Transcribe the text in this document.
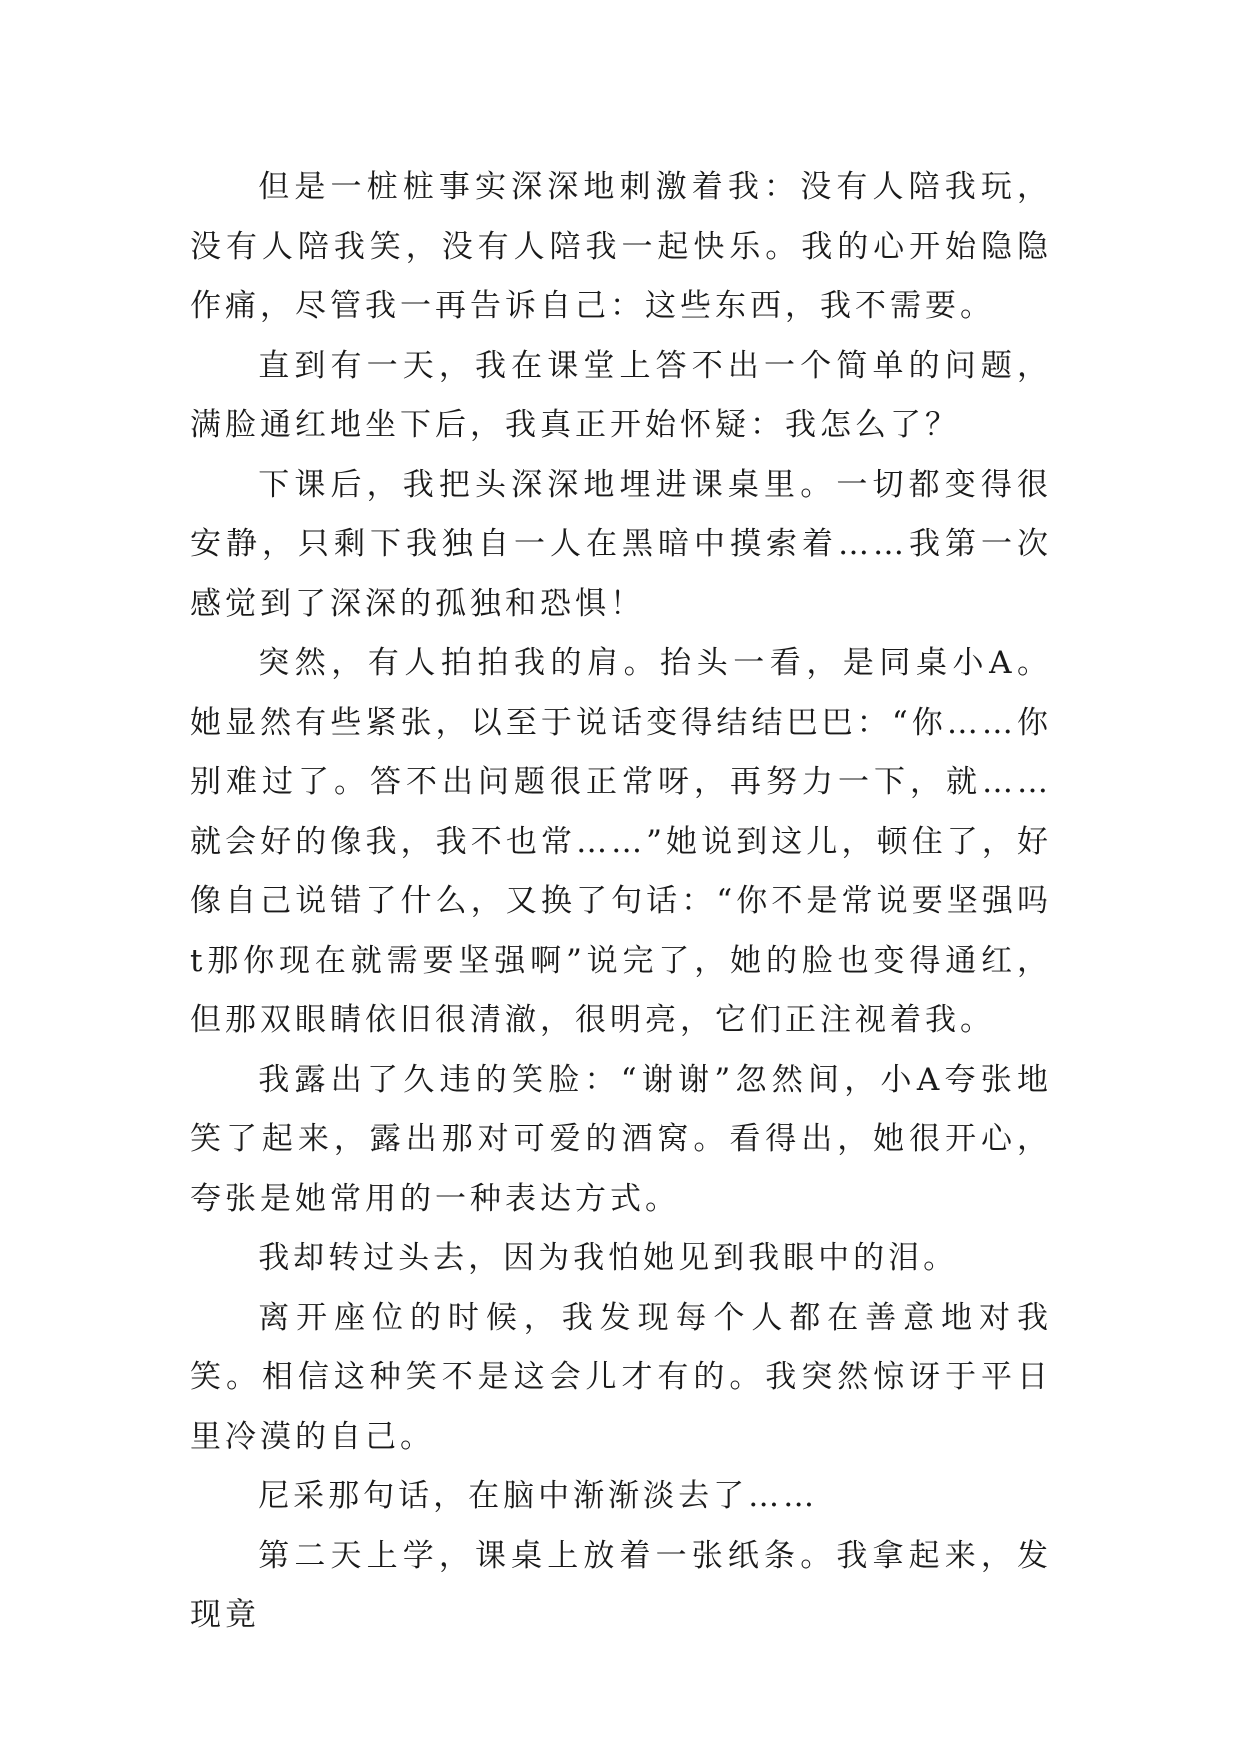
但是一桩桩事实深深地刺激着我：没有人陪我玩，没有人陪我笑，没有人陪我一起快乐。我的心开始隐隐作痛，尽管我一再告诉自己：这些东西，我不需要。

直到有一天，我在课堂上答不出一个简单的问题，满脸通红地坐下后，我真正开始怀疑：我怎么了？

下课后，我把头深深地埋进课桌里。一切都变得很安静，只剩下我独自一人在黑暗中摸索着……我第一次感觉到了深深的孤独和恐惧！

突然，有人拍拍我的肩。抬头一看，是同桌小A。她显然有些紧张，以至于说话变得结结巴巴：“你……你别难过了。答不出问题很正常呀，再努力一下，就……就会好的像我，我不也常……”她说到这儿，顿住了，好像自己说错了什么，又换了句话：“你不是常说要坚强吗t那你现在就需要坚强啊”说完了，她的脸也变得通红，但那双眼睛依旧很清澈，很明亮，它们正注视着我。

我露出了久违的笑脸：“谢谢”忽然间，小A夸张地笑了起来，露出那对可爱的酒窝。看得出，她很开心，夸张是她常用的一种表达方式。

我却转过头去，因为我怕她见到我眼中的泪。

离开座位的时候，我发现每个人都在善意地对我笑。相信这种笑不是这会儿才有的。我突然惊讶于平日里冷漠的自己。

尼采那句话，在脑中渐渐淡去了……

第二天上学，课桌上放着一张纸条。我拿起来，发现竟
